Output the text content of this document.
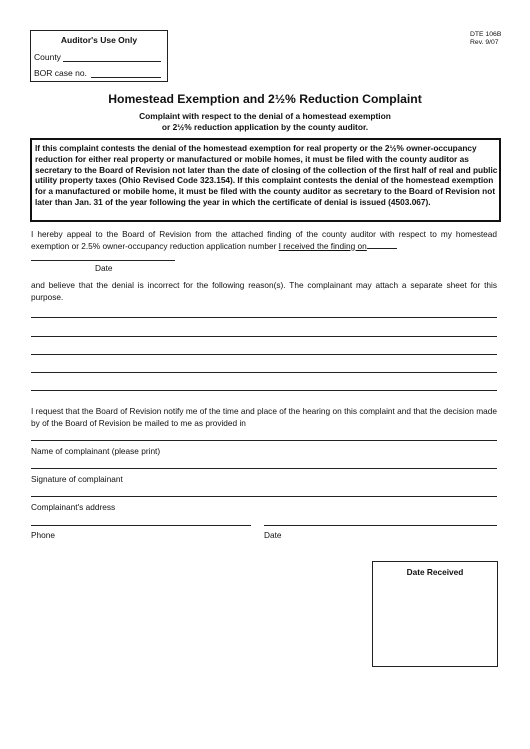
Auditor's Use Only
County
BOR case no.
DTE 106B
Rev. 9/07
Homestead Exemption and 2½% Reduction Complaint
Complaint with respect to the denial of a homestead exemption
or 2½% reduction application by the county auditor.
If this complaint contests the denial of the homestead exemption for real property or the 2½% owner-occupancy reduction for either real property or manufactured or mobile homes, it must be filed with the county auditor as secretary to the Board of Revision not later than the date of closing of the collection of the first half of real and public utility property taxes (Ohio Revised Code 323.154). If this complaint contests the denial of the homestead exemption for a manufactured or mobile home, it must be filed with the county auditor as secretary to the Board of Revision not later than Jan. 31 of the year following the year in which the certificate of denial is issued (4503.067).
I hereby appeal to the Board of Revision from the attached finding of the county auditor with respect to my homestead exemption or 2.5% owner-occupancy reduction application number I received the finding on
Date
and believe that the denial is incorrect for the following reason(s). The complainant may attach a separate sheet for this purpose.
I request that the Board of Revision notify me of the time and place of the hearing on this complaint and that the decision made by of the Board of Revision be mailed to me as provided in
Name of complainant (please print)
Signature of complainant
Complainant's address
Phone	Date
Date Received
